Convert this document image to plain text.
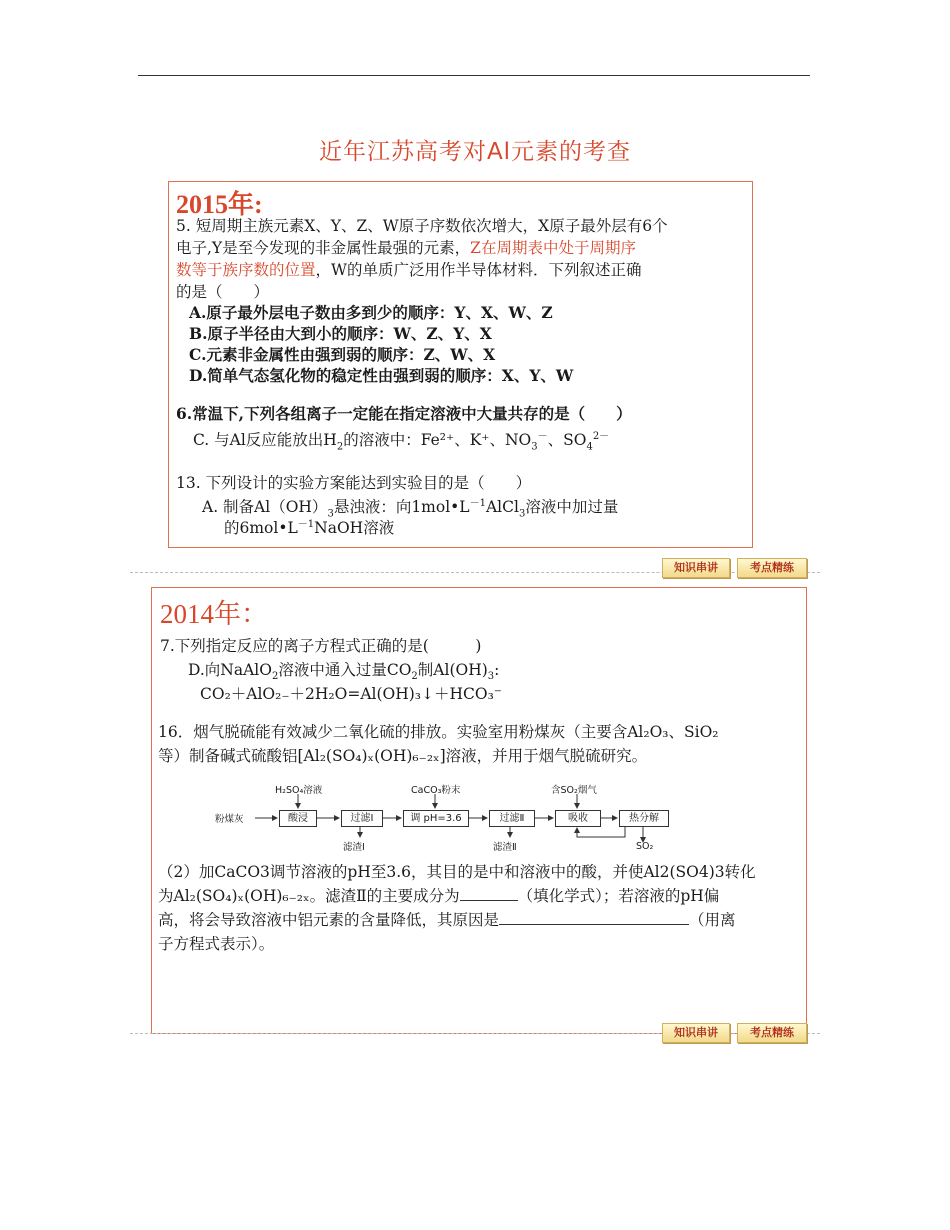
近年江苏高考对Al元素的考查
2015年:
5. 短周期主族元素X、Y、Z、W原子序数依次增大，X原子最外层有6个
电子,Y是至今发现的非金属性最强的元素，Z在周期表中处于周期序
数等于族序数的位置，W的单质广泛用作半导体材料．下列叙述正确
的是（　　）
A.原子最外层电子数由多到少的顺序：Y、X、W、Z
B.原子半径由大到小的顺序：W、Z、Y、X
C.元素非金属性由强到弱的顺序：Z、W、X
D.简单气态氢化物的稳定性由强到弱的顺序：X、Y、W
6.常温下,下列各组离子一定能在指定溶液中大量共存的是（　　）
C. 与Al反应能放出$H_2$的溶液中：Fe²⁺、K⁺、$NO_3^-$、$SO_4^{2-}$
13. 下列设计的实验方案能达到实验目的是（　　）
A. 制备$Al(OH)_3$悬浊液：向$1mol•L^{-1}AlCl_3$溶液中加过量
的$6mol•L^{-1}NaOH$溶液
知识串讲	考点精练
2014年：
7.下列指定反应的离子方程式正确的是(　　　)
D.向NaAlO$_2$溶液中通入过量$CO_2$制$Al(OH)_3$:
CO₂＋AlO₂₋＋2H₂O=Al(OH)₃↓＋HCO₃⁻
16．烟气脱硫能有效减少二氧化硫的排放。实验室用粉煤灰（主要含Al₂O₃、SiO₂
等）制备碱式硫酸铝[Al₂(SO₄)ₓ(OH)₆₋₂ₓ]溶液，并用于烟气脱硫研究。
粉煤灰	酸浸	过滤Ⅰ	调 pH=3.6	过滤Ⅱ	吸收	热分解
H₂SO₄溶液	CaCO₃粉末	含SO₂烟气
滤渣Ⅰ	滤渣Ⅱ	SO₂
（2）加CaCO3调节溶液的pH至3.6，其目的是中和溶液中的酸，并使Al2(SO4)3转化
为Al₂(SO₄)ₓ(OH)₆₋₂ₓ。滤渣Ⅱ的主要成分为	（填化学式）；若溶液的pH偏
高，将会导致溶液中铝元素的含量降低，其原因是	（用离
子方程式表示）。
知识串讲	考点精练
